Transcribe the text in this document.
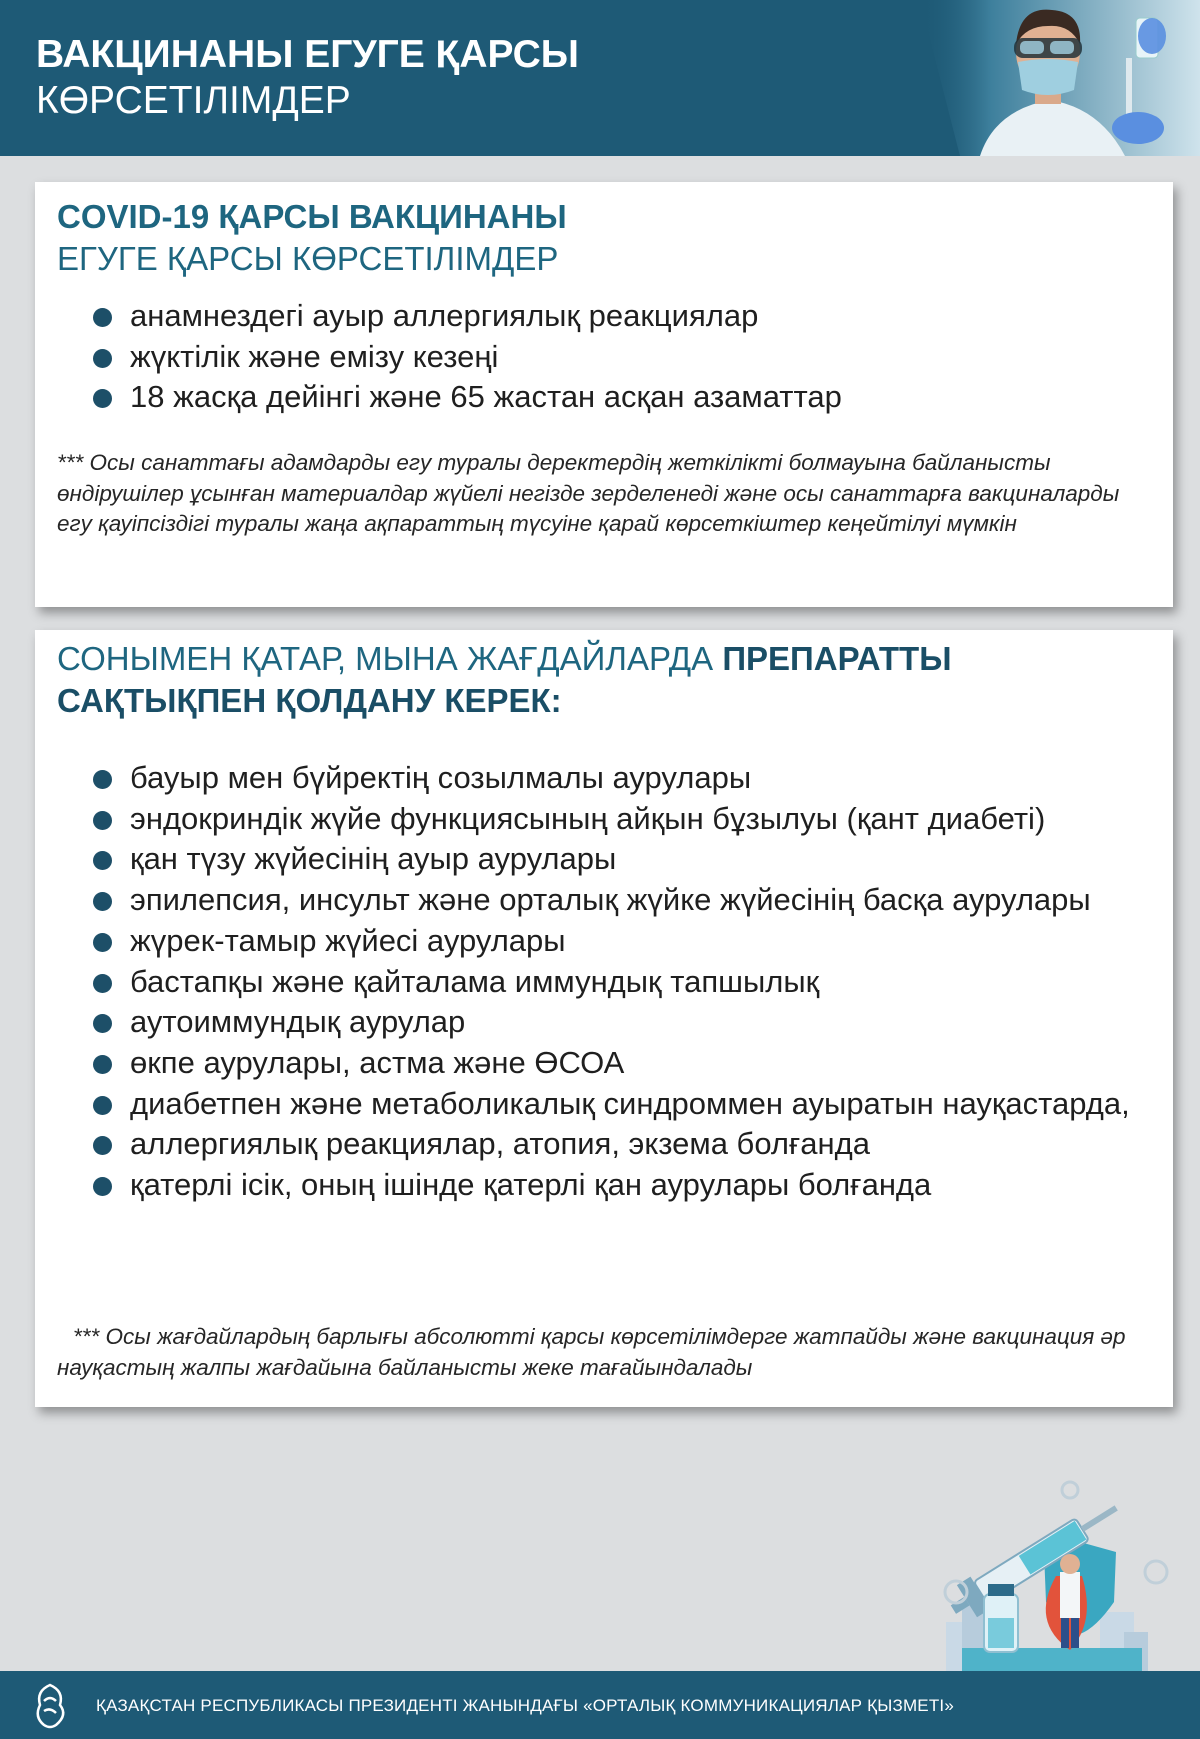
ВАКЦИНАНЫ ЕГУГЕ ҚАРСЫ
КӨРСЕТІЛІМДЕР
COVID-19 ҚАРСЫ ВАКЦИНАНЫ
ЕГУГЕ ҚАРСЫ КӨРСЕТІЛІМДЕР
анамнездегі ауыр аллергиялық реакциялар
жүктілік және емізу кезеңі
18 жасқа дейінгі және 65 жастан асқан азаматтар
*** Осы санаттағы адамдарды егу туралы деректердің жеткілікті болмауына байланысты өндірушілер ұсынған материалдар жүйелі негізде зерделенеді және осы санаттарға вакциналарды егу қауіпсіздігі туралы жаңа ақпараттың түсуіне қарай көрсеткіштер кеңейтілуі мүмкін
СОНЫМЕН ҚАТАР, МЫНА ЖАҒДАЙЛАРДА ПРЕПАРАТТЫ САҚТЫҚПЕН ҚОЛДАНУ КЕРЕК:
бауыр мен бүйректің созылмалы аурулары
эндокриндік жүйе функциясының айқын бұзылуы (қант диабеті)
қан түзу жүйесінің ауыр аурулары
эпилепсия, инсульт және орталық жүйке жүйесінің басқа аурулары
жүрек-тамыр жүйесі аурулары
бастапқы және қайталама иммундық тапшылық
аутоиммундық аурулар
өкпе аурулары, астма және ӨСОА
диабетпен және метаболикалық синдроммен ауыратын науқастарда,
аллергиялық реакциялар, атопия, экзема болғанда
қатерлі ісік, оның ішінде қатерлі қан аурулары болғанда
*** Осы жағдайлардың барлығы абсолютті қарсы көрсетілімдерге жатпайды және вакцинация әр науқастың жалпы жағдайына байланысты жеке тағайындалады
ҚАЗАҚСТАН РЕСПУБЛИКАСЫ ПРЕЗИДЕНТІ ЖАНЫНДАҒЫ «ОРТАЛЫҚ КОММУНИКАЦИЯЛАР ҚЫЗМЕТІ»
